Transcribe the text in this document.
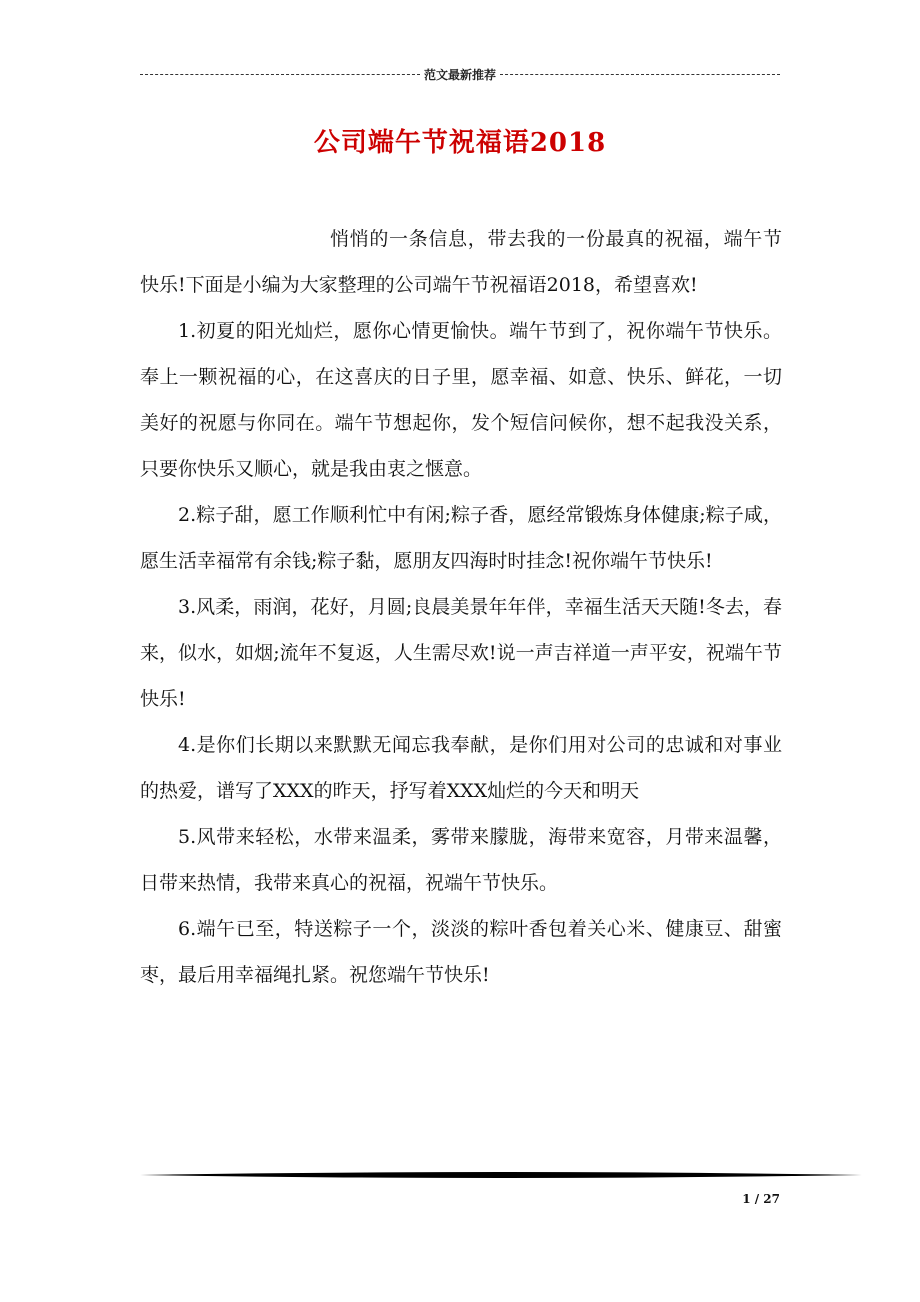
范文最新推荐
公司端午节祝福语2018

悄悄的一条信息，带去我的一份最真的祝福，端午节快乐!下面是小编为大家整理的公司端午节祝福语2018，希望喜欢!

1.初夏的阳光灿烂，愿你心情更愉快。端午节到了，祝你端午节快乐。奉上一颗祝福的心，在这喜庆的日子里，愿幸福、如意、快乐、鲜花，一切美好的祝愿与你同在。端午节想起你，发个短信问候你，想不起我没关系，只要你快乐又顺心，就是我由衷之惬意。

2.粽子甜，愿工作顺利忙中有闲;粽子香，愿经常锻炼身体健康;粽子咸，愿生活幸福常有余钱;粽子黏，愿朋友四海时时挂念!祝你端午节快乐!

3.风柔，雨润，花好，月圆;良晨美景年年伴，幸福生活天天随!冬去，春来，似水，如烟;流年不复返，人生需尽欢!说一声吉祥道一声平安，祝端午节快乐!

4.是你们长期以来默默无闻忘我奉献，是你们用对公司的忠诚和对事业的热爱，谱写了XXX的昨天，抒写着XXX灿烂的今天和明天

5.风带来轻松，水带来温柔，雾带来朦胧，海带来宽容，月带来温馨，日带来热情，我带来真心的祝福，祝端午节快乐。

6.端午已至，特送粽子一个，淡淡的粽叶香包着关心米、健康豆、甜蜜枣，最后用幸福绳扎紧。祝您端午节快乐!

1 / 27
